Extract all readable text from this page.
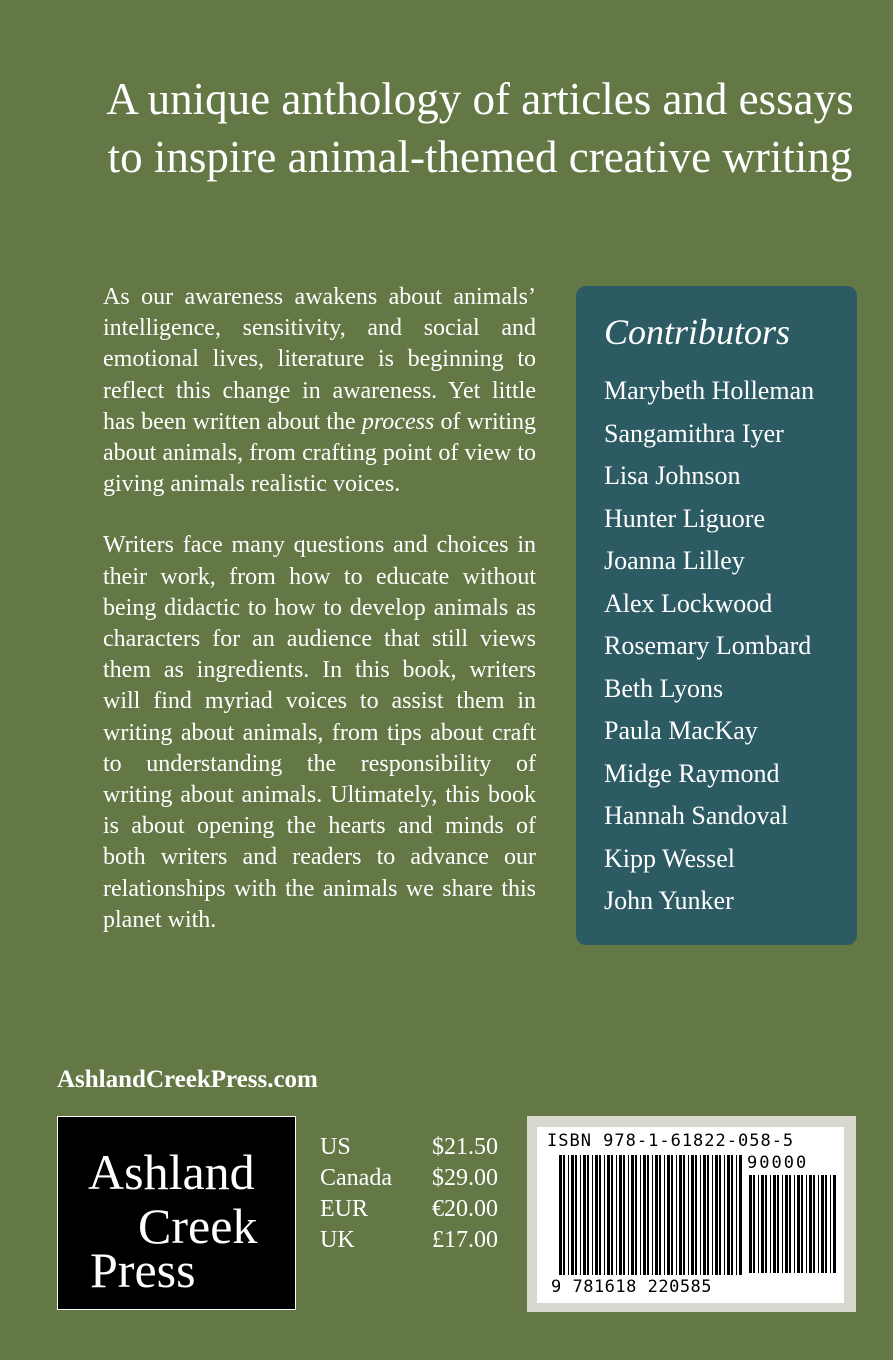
A unique anthology of articles and essays to inspire animal-themed creative writing

As our awareness awakens about animals’ intelligence, sensitivity, and social and emotional lives, literature is beginning to reflect this change in awareness. Yet little has been written about the process of writing about animals, from crafting point of view to giving animals realistic voices.

Writers face many questions and choices in their work, from how to educate without being didactic to how to develop animals as characters for an audience that still views them as ingredients. In this book, writers will find myriad voices to assist them in writing about animals, from tips about craft to understanding the responsibility of writing about animals. Ultimately, this book is about opening the hearts and minds of both writers and readers to advance our relationships with the animals we share this planet with.

Contributors
Marybeth Holleman
Sangamithra Iyer
Lisa Johnson
Hunter Liguore
Joanna Lilley
Alex Lockwood
Rosemary Lombard
Beth Lyons
Paula MacKay
Midge Raymond
Hannah Sandoval
Kipp Wessel
John Yunker
AshlandCreekPress.com
Ashland
Creek
Press
US	$21.50
Canada	$29.00
EUR	€20.00
UK	£17.00
ISBN 978-1-61822-058-5
90000
9 781618 220585
